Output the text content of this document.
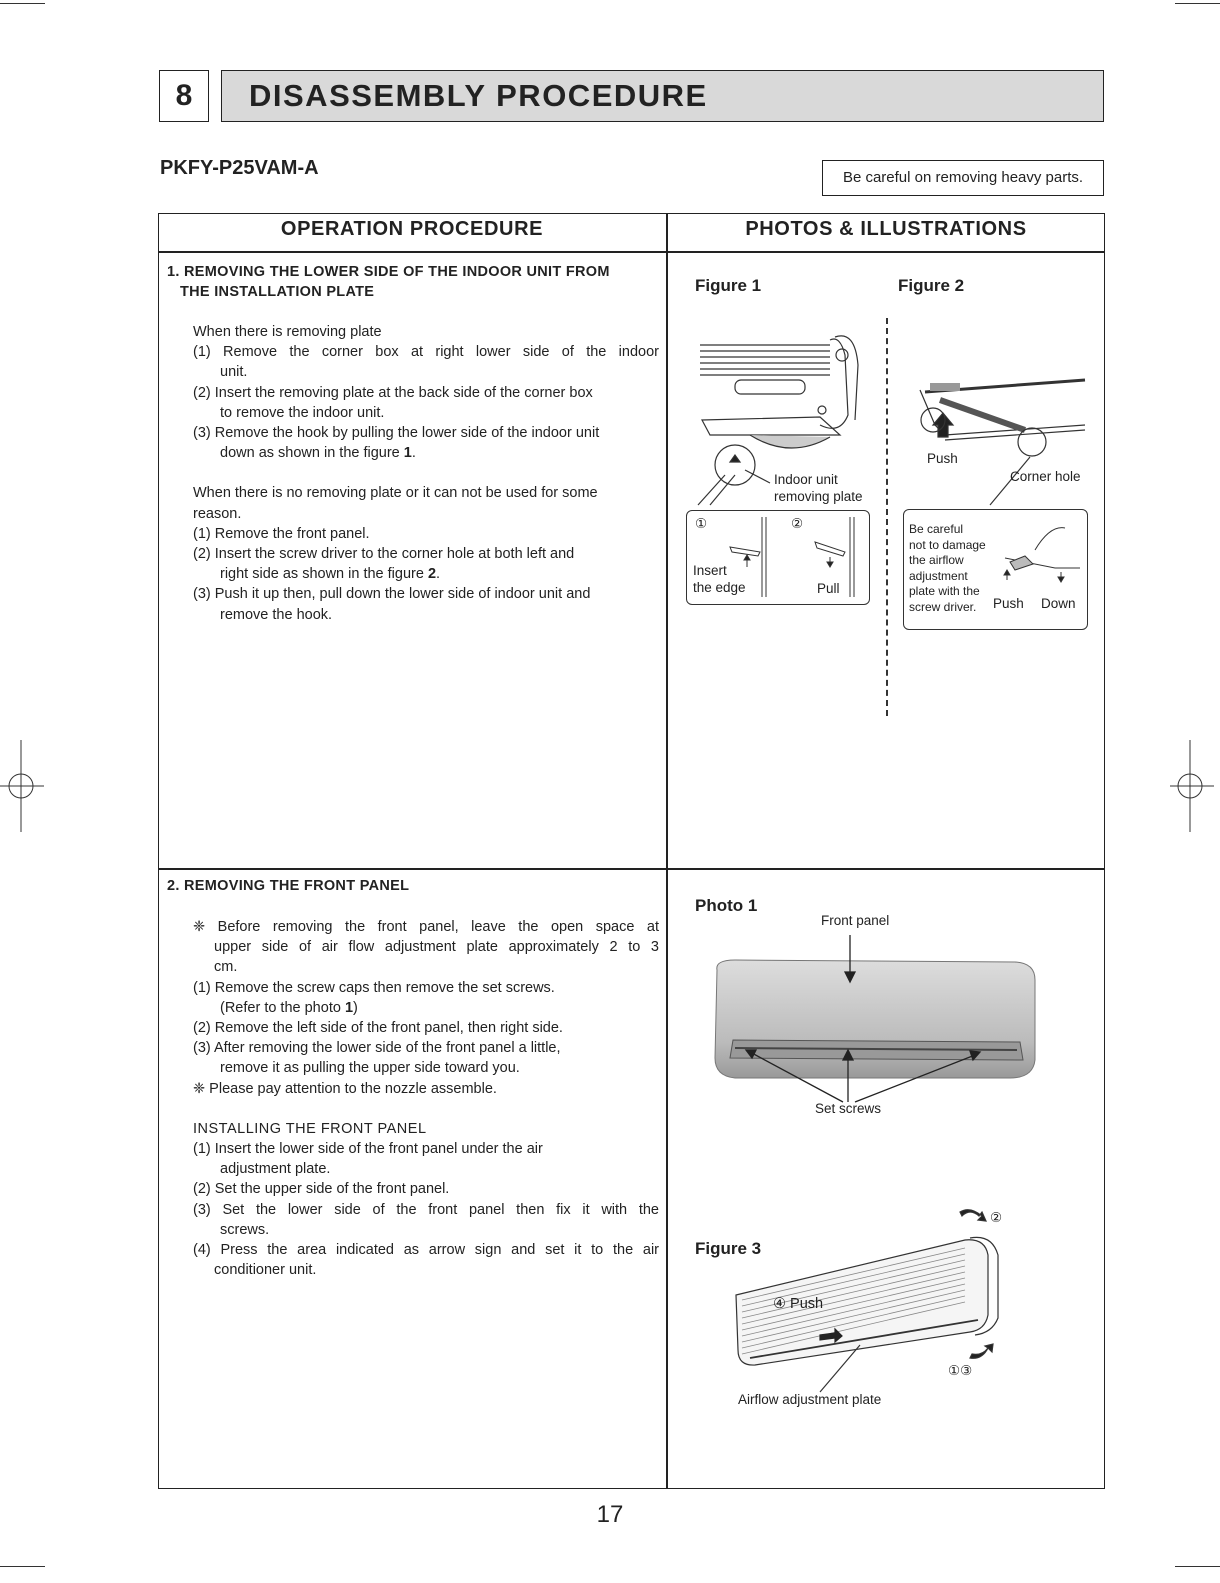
8	DISASSEMBLY PROCEDURE
PKFY-P25VAM-A	Be careful on removing heavy parts.
OPERATION PROCEDURE	PHOTOS & ILLUSTRATIONS
1. REMOVING THE LOWER SIDE OF THE INDOOR UNIT FROM
THE INSTALLATION PLATE
When there is removing plate
(1) Remove the corner box at right lower side of the indoor
unit.
(2) Insert the removing plate at the back side of the corner box
to remove the indoor unit.
(3) Remove the hook by pulling the lower side of the indoor unit
down as shown in the figure 1.
When there is no removing plate or it can not be used for some
reason.
(1) Remove the front panel.
(2) Insert the screw driver to the corner hole at both left and
right side as shown in the figure 2.
(3) Push it up then, pull down the lower side of indoor unit and
remove the hook.
Figure 1
Indoor unit
removing plate
①	②
Insert
the edge	Pull
Figure 2
Push
Corner hole
Be careful
not to damage
the airflow
adjustment
plate with the
screw driver.	Push Down
2. REMOVING THE FRONT PANEL
❈ Before removing the front panel, leave the open space at
upper side of air flow adjustment plate approximately 2 to 3
cm.
(1) Remove the screw caps then remove the set screws.
(Refer to the photo 1)
(2) Remove the left side of the front panel, then right side.
(3) After removing the lower side of the front panel a little,
remove it as pulling the upper side toward you.
❈ Please pay attention to the nozzle assemble.
INSTALLING THE FRONT PANEL
(1) Insert the lower side of the front panel under the air
adjustment plate.
(2) Set the upper side of the front panel.
(3) Set the lower side of the front panel then fix it with the
screws.
(4) Press the area indicated as arrow sign and set it to the air
conditioner unit.
Photo 1
Front panel
Set screws
Figure 3
②
④ Push
①③
Airflow adjustment plate
17
